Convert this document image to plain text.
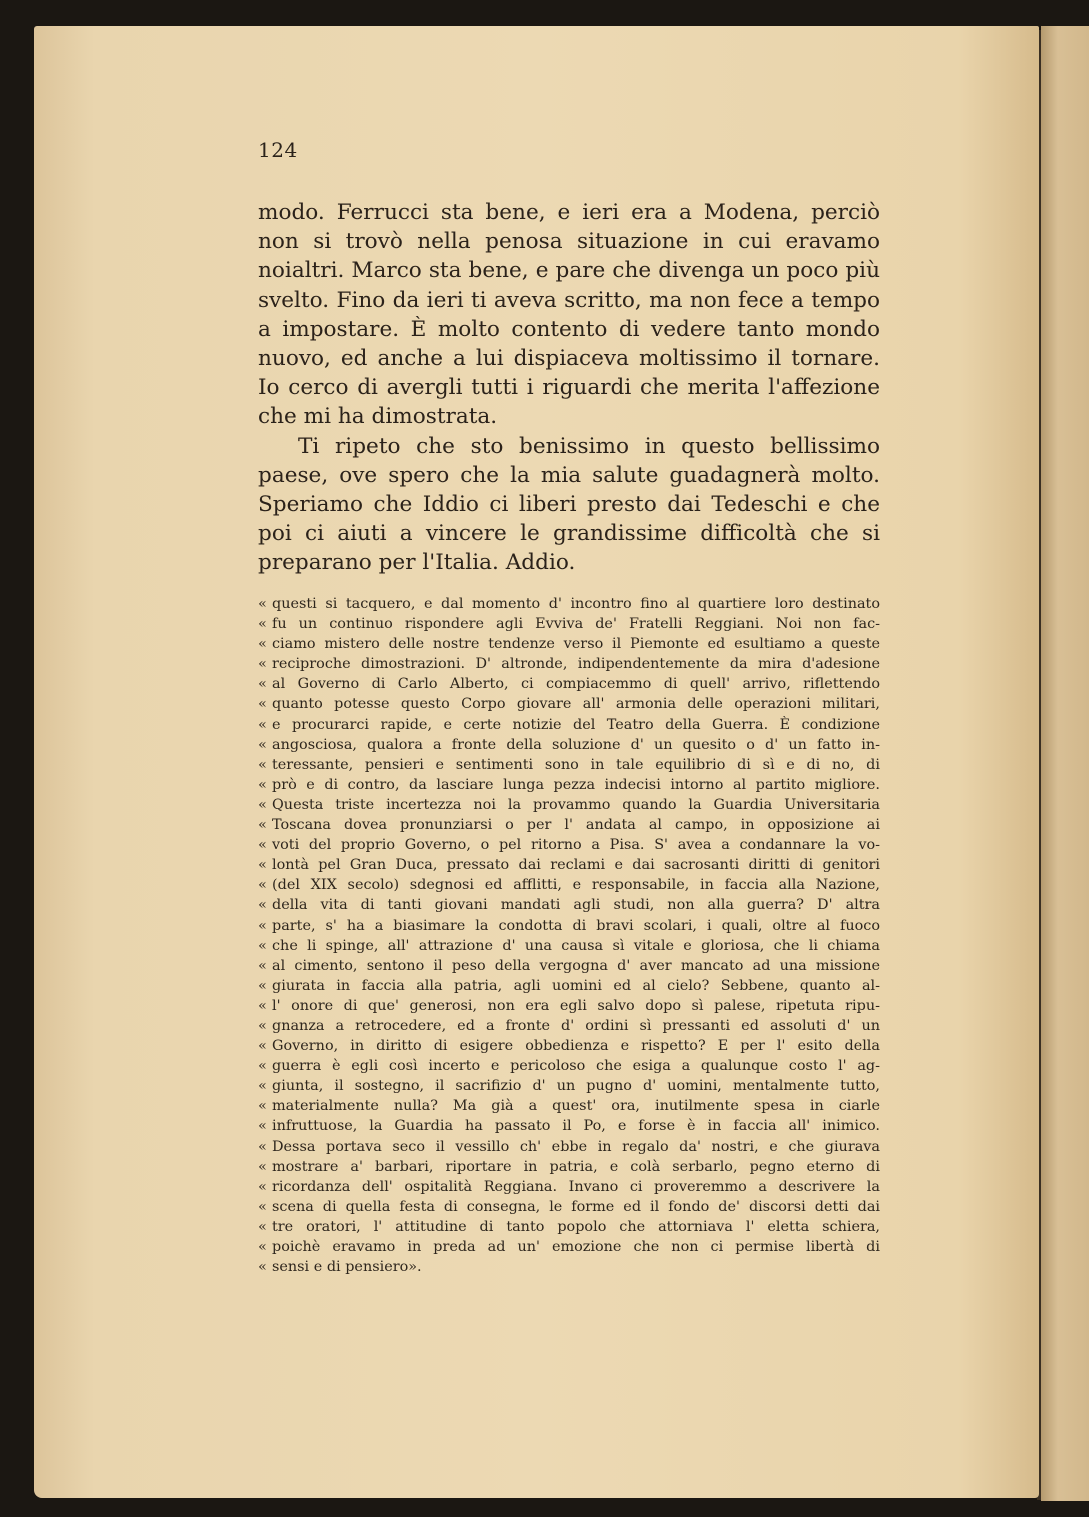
124

modo. Ferrucci sta bene, e ieri era a Modena, perciò non si trovò nella penosa situazione in cui eravamo noialtri. Marco sta bene, e pare che divenga un poco più svelto. Fino da ieri ti aveva scritto, ma non fece a tempo a impostare. È molto contento di vedere tanto mondo nuovo, ed anche a lui dispiaceva moltissimo il tornare. Io cerco di avergli tutti i riguardi che merita l'affezione che mi ha dimostrata.

Ti ripeto che sto benissimo in questo bellissimo paese, ove spero che la mia salute guadagnerà molto. Speriamo che Iddio ci liberi presto dai Tedeschi e che poi ci aiuti a vincere le grandissime difficoltà che si preparano per l'Italia. Addio.

« questi si tacquero, e dal momento d' incontro fino al quartiere loro destinato
« fu un continuo rispondere agli Evviva de' Fratelli Reggiani. Noi non fac-
« ciamo mistero delle nostre tendenze verso il Piemonte ed esultiamo a queste
« reciproche dimostrazioni. D' altronde, indipendentemente da mira d'adesione
« al Governo di Carlo Alberto, ci compiacemmo di quell' arrivo, riflettendo
« quanto potesse questo Corpo giovare all' armonia delle operazioni militari,
« e procurarci rapide, e certe notizie del Teatro della Guerra. È condizione
« angosciosa, qualora a fronte della soluzione d' un quesito o d' un fatto in-
« teressante, pensieri e sentimenti sono in tale equilibrio di sì e di no, di
« prò e di contro, da lasciare lunga pezza indecisi intorno al partito migliore.
« Questa triste incertezza noi la provammo quando la Guardia Universitaria
« Toscana dovea pronunziarsi o per l' andata al campo, in opposizione ai
« voti del proprio Governo, o pel ritorno a Pisa. S' avea a condannare la vo-
« lontà pel Gran Duca, pressato dai reclami e dai sacrosanti diritti di genitori
« (del XIX secolo) sdegnosi ed afflitti, e responsabile, in faccia alla Nazione,
« della vita di tanti giovani mandati agli studi, non alla guerra? D' altra
« parte, s' ha a biasimare la condotta di bravi scolari, i quali, oltre al fuoco
« che li spinge, all' attrazione d' una causa sì vitale e gloriosa, che li chiama
« al cimento, sentono il peso della vergogna d' aver mancato ad una missione
« giurata in faccia alla patria, agli uomini ed al cielo? Sebbene, quanto al-
« l' onore di que' generosi, non era egli salvo dopo sì palese, ripetuta ripu-
« gnanza a retrocedere, ed a fronte d' ordini sì pressanti ed assoluti d' un
« Governo, in diritto di esigere obbedienza e rispetto? E per l' esito della
« guerra è egli così incerto e pericoloso che esiga a qualunque costo l' ag-
« giunta, il sostegno, il sacrifizio d' un pugno d' uomini, mentalmente tutto,
« materialmente nulla? Ma già a quest' ora, inutilmente spesa in ciarle
« infruttuose, la Guardia ha passato il Po, e forse è in faccia all' inimico.
« Dessa portava seco il vessillo ch' ebbe in regalo da' nostri, e che giurava
« mostrare a' barbari, riportare in patria, e colà serbarlo, pegno eterno di
« ricordanza dell' ospitalità Reggiana. Invano ci proveremmo a descrivere la
« scena di quella festa di consegna, le forme ed il fondo de' discorsi detti dai
« tre oratori, l' attitudine di tanto popolo che attorniava l' eletta schiera,
« poichè eravamo in preda ad un' emozione che non ci permise libertà di
« sensi e di pensiero».
